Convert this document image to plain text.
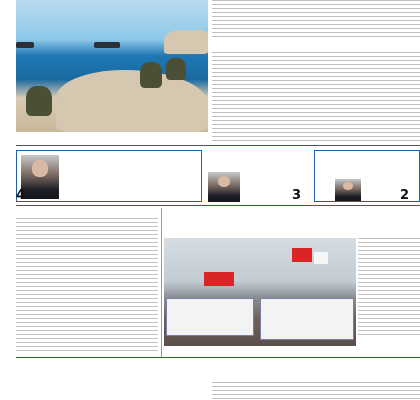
4	3	2
